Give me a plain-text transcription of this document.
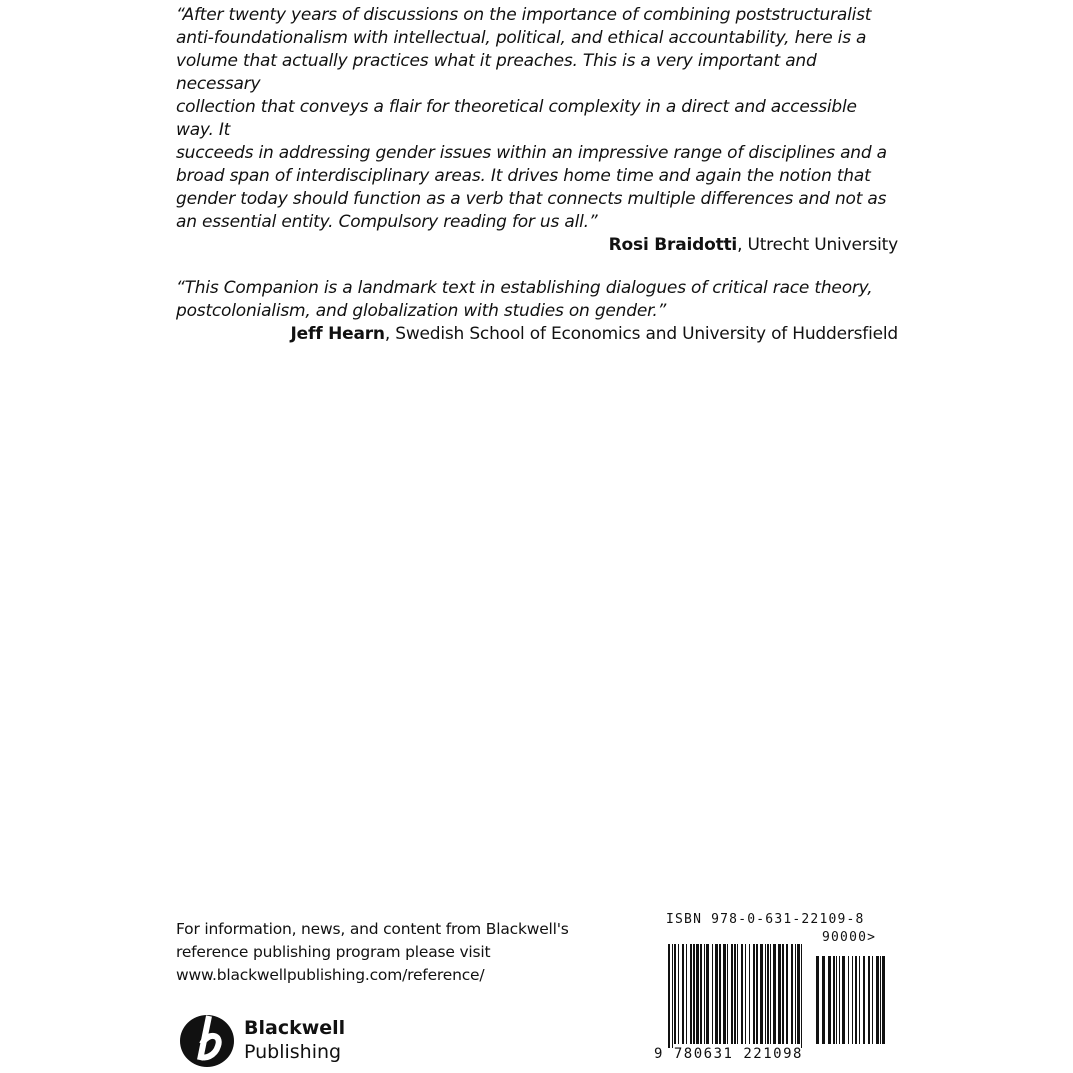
“After twenty years of discussions on the importance of combining poststructuralist

anti-foundationalism with intellectual, political, and ethical accountability, here is a

volume that actually practices what it preaches. This is a very important and necessary

collection that conveys a flair for theoretical complexity in a direct and accessible way. It

succeeds in addressing gender issues within an impressive range of disciplines and a

broad span of interdisciplinary areas. It drives home time and again the notion that

gender today should function as a verb that connects multiple differences and not as

an essential entity. Compulsory reading for us all.”

Rosi Braidotti, Utrecht University

“This Companion is a landmark text in establishing dialogues of critical race theory,

postcolonialism, and globalization with studies on gender.”

Jeff Hearn, Swedish School of Economics and University of Huddersfield

For information, news, and content from Blackwell's
reference publishing program please visit
www.blackwellpublishing.com/reference/
Blackwell
Publishing
ISBN 978-0-631-22109-8
90000>
9 780631 221098
